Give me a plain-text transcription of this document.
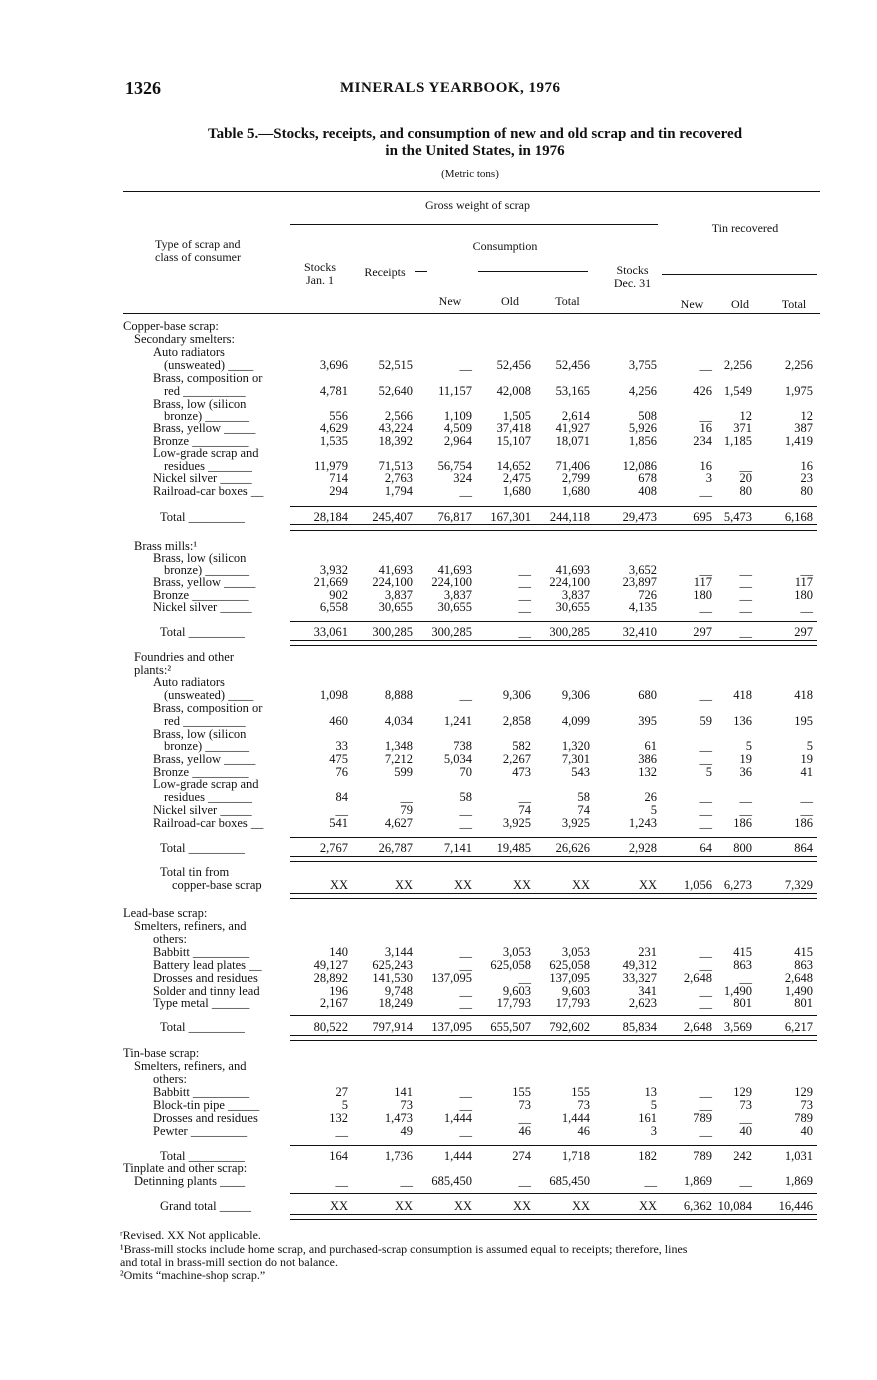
1326	MINERALS YEARBOOK, 1976
Table 5.—Stocks, receipts, and consumption of new and old scrap and tin recovered
in the United States, in 1976
(Metric tons)
Gross weight of scrap
Tin recovered
Type of scrap and
class of consumer
Consumption
Stocks
Jan. 1
Receipts	Stocks
Dec. 31
New	Old	Total	New	Old	Total
Copper-base scrap:
Secondary smelters:
Auto radiators
(unsweated) ____	3,696 52,515	__ 52,456 52,456	3,755	__ 2,256	2,256
Brass, composition or
red __________	4,781 52,640 11,157 42,008 53,165	4,256	426 1,549	1,975
Brass, low (silicon
bronze) _______	556	2,566 1,109 1,505 2,614	508	__ 12	12
Brass, yellow _____	4,629 43,224 4,509 37,418 41,927	5,926	16 371	387
Bronze _________	1,535 18,392 2,964 15,107 18,071	1,856	234 1,185	1,419
Low-grade scrap and
residues _______	11,979 71,513 56,754 14,652 71,406	12,086	16 __	16
Nickel silver _____	714	2,763	324 2,475 2,799	678	3 20	23
Railroad-car boxes __	294	1,794	__ 1,680 1,680	408	__ 80	80
Total _________	28,184 245,407 76,817 167,301 244,118	29,473	695 5,473	6,168
Brass mills:¹
Brass, low (silicon
bronze) _______	3,932 41,693 41,693	__ 41,693	3,652	__ __	__
Brass, yellow _____	21,669 224,100 224,100	__ 224,100	23,897	117 __	117
Bronze _________	902	3,837 3,837	__ 3,837	726	180 __	180
Nickel silver _____	6,558 30,655 30,655	__ 30,655	4,135	__ __	__
Total _________	33,061 300,285 300,285	__ 300,285	32,410	297 __	297
Foundries and other
plants:²
Auto radiators
(unsweated) ____	1,098	8,888	__ 9,306 9,306	680	__ 418	418
Brass, composition or
red __________	460	4,034 1,241 2,858 4,099	395	59 136	195
Brass, low (silicon
bronze) _______	33	1,348	738	582 1,320	61	__	5	5
Brass, yellow _____	475	7,212 5,034 2,267 7,301	386	__ 19	19
Bronze _________	76	599	70	473	543	132	5 36	41
Low-grade scrap and
residues _______	84	__	58	__	58	26	__ __	__
Nickel silver _____	__	79	__	74	74	5	__ __	__
Railroad-car boxes __	541	4,627	__ 3,925 3,925	1,243	__ 186	186
Total _________	2,767 26,787 7,141 19,485 26,626	2,928	64 800	864
Total tin from
copper-base scrap	XX	XX	XX	XX	XX	XX 1,056 6,273	7,329
Lead-base scrap:
Smelters, refiners, and
others:
Babbitt _________	140	3,144	__ 3,053 3,053	231	__ 415	415
Battery lead plates __	49,127 625,243	__ 625,058 625,058	49,312	__ 863	863
Drosses and residues	28,892 141,530 137,095	__ 137,095	33,327 2,648 __	2,648
Solder and tinny lead	196	9,748	__ 9,603 9,603	341	__ 1,490	1,490
Type metal ______	2,167 18,249	__ 17,793 17,793	2,623	__ 801	801
Total _________	80,522 797,914 137,095 655,507 792,602	85,834 2,648 3,569	6,217
Tin-base scrap:
Smelters, refiners, and
others:
Babbitt _________	27	141	__	155	155	13	__ 129	129
Block-tin pipe _____	5	73	__	73	73	5	__ 73	73
Drosses and residues	132	1,473 1,444	__ 1,444	161	789 __	789
Pewter _________	__	49	__	46	46	3	__ 40	40
Total _________	164	1,736 1,444	274 1,718	182	789 242	1,031
Tinplate and other scrap:
Detinning plants ____	__	__ 685,450	__ 685,450	__ 1,869 __	1,869
Grand total _____	XX	XX	XX	XX	XX	XX 6,362 10,084 16,446
ʳRevised. XX Not applicable.
¹Brass-mill stocks include home scrap, and purchased-scrap consumption is assumed equal to receipts; therefore, lines
and total in brass-mill section do not balance.
²Omits “machine-shop scrap.”
